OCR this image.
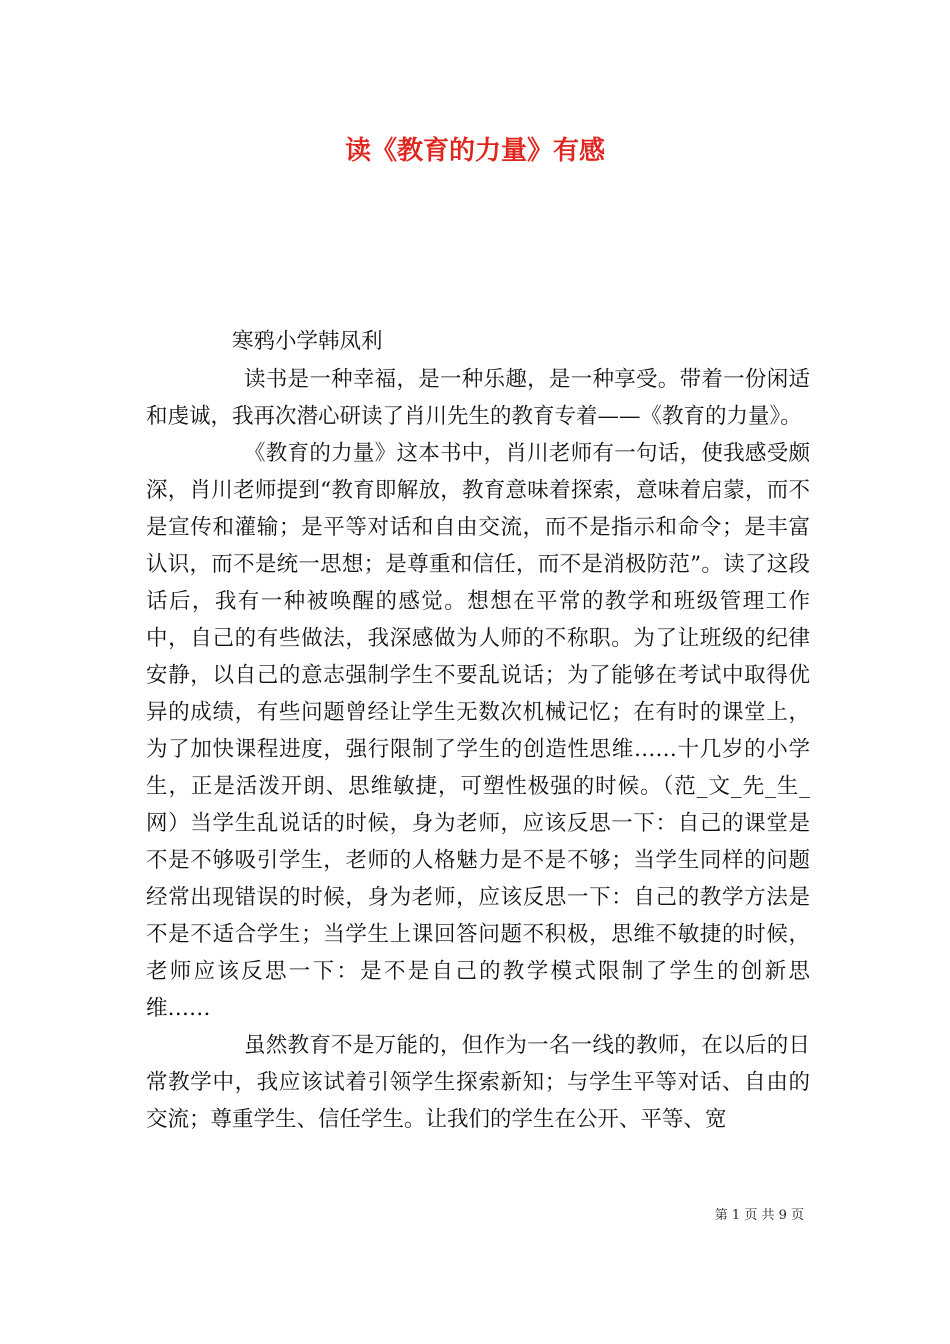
读《教育的力量》有感
寒鸦小学韩凤利

读书是一种幸福，是一种乐趣，是一种享受。带着一份闲适和虔诚，我再次潜心研读了肖川先生的教育专着——《教育的力量》。

《教育的力量》这本书中，肖川老师有一句话，使我感受颇深，肖川老师提到“教育即解放，教育意味着探索，意味着启蒙，而不是宣传和灌输；是平等对话和自由交流，而不是指示和命令；是丰富认识，而不是统一思想；是尊重和信任，而不是消极防范”。读了这段话后，我有一种被唤醒的感觉。想想在平常的教学和班级管理工作中，自己的有些做法，我深感做为人师的不称职。为了让班级的纪律安静，以自己的意志强制学生不要乱说话；为了能够在考试中取得优异的成绩，有些问题曾经让学生无数次机械记忆；在有时的课堂上，为了加快课程进度，强行限制了学生的创造性思维……十几岁的小学生，正是活泼开朗、思维敏捷，可塑性极强的时候。（范_文_先_生_网）当学生乱说话的时候，身为老师，应该反思一下：自己的课堂是不是不够吸引学生，老师的人格魅力是不是不够；当学生同样的问题经常出现错误的时候，身为老师，应该反思一下：自己的教学方法是不是不适合学生；当学生上课回答问题不积极，思维不敏捷的时候，老师应该反思一下：是不是自己的教学模式限制了学生的创新思维……

虽然教育不是万能的，但作为一名一线的教师，在以后的日常教学中，我应该试着引领学生探索新知；与学生平等对话、自由的交流；尊重学生、信任学生。让我们的学生在公开、平等、宽

第 1 页 共 9 页
